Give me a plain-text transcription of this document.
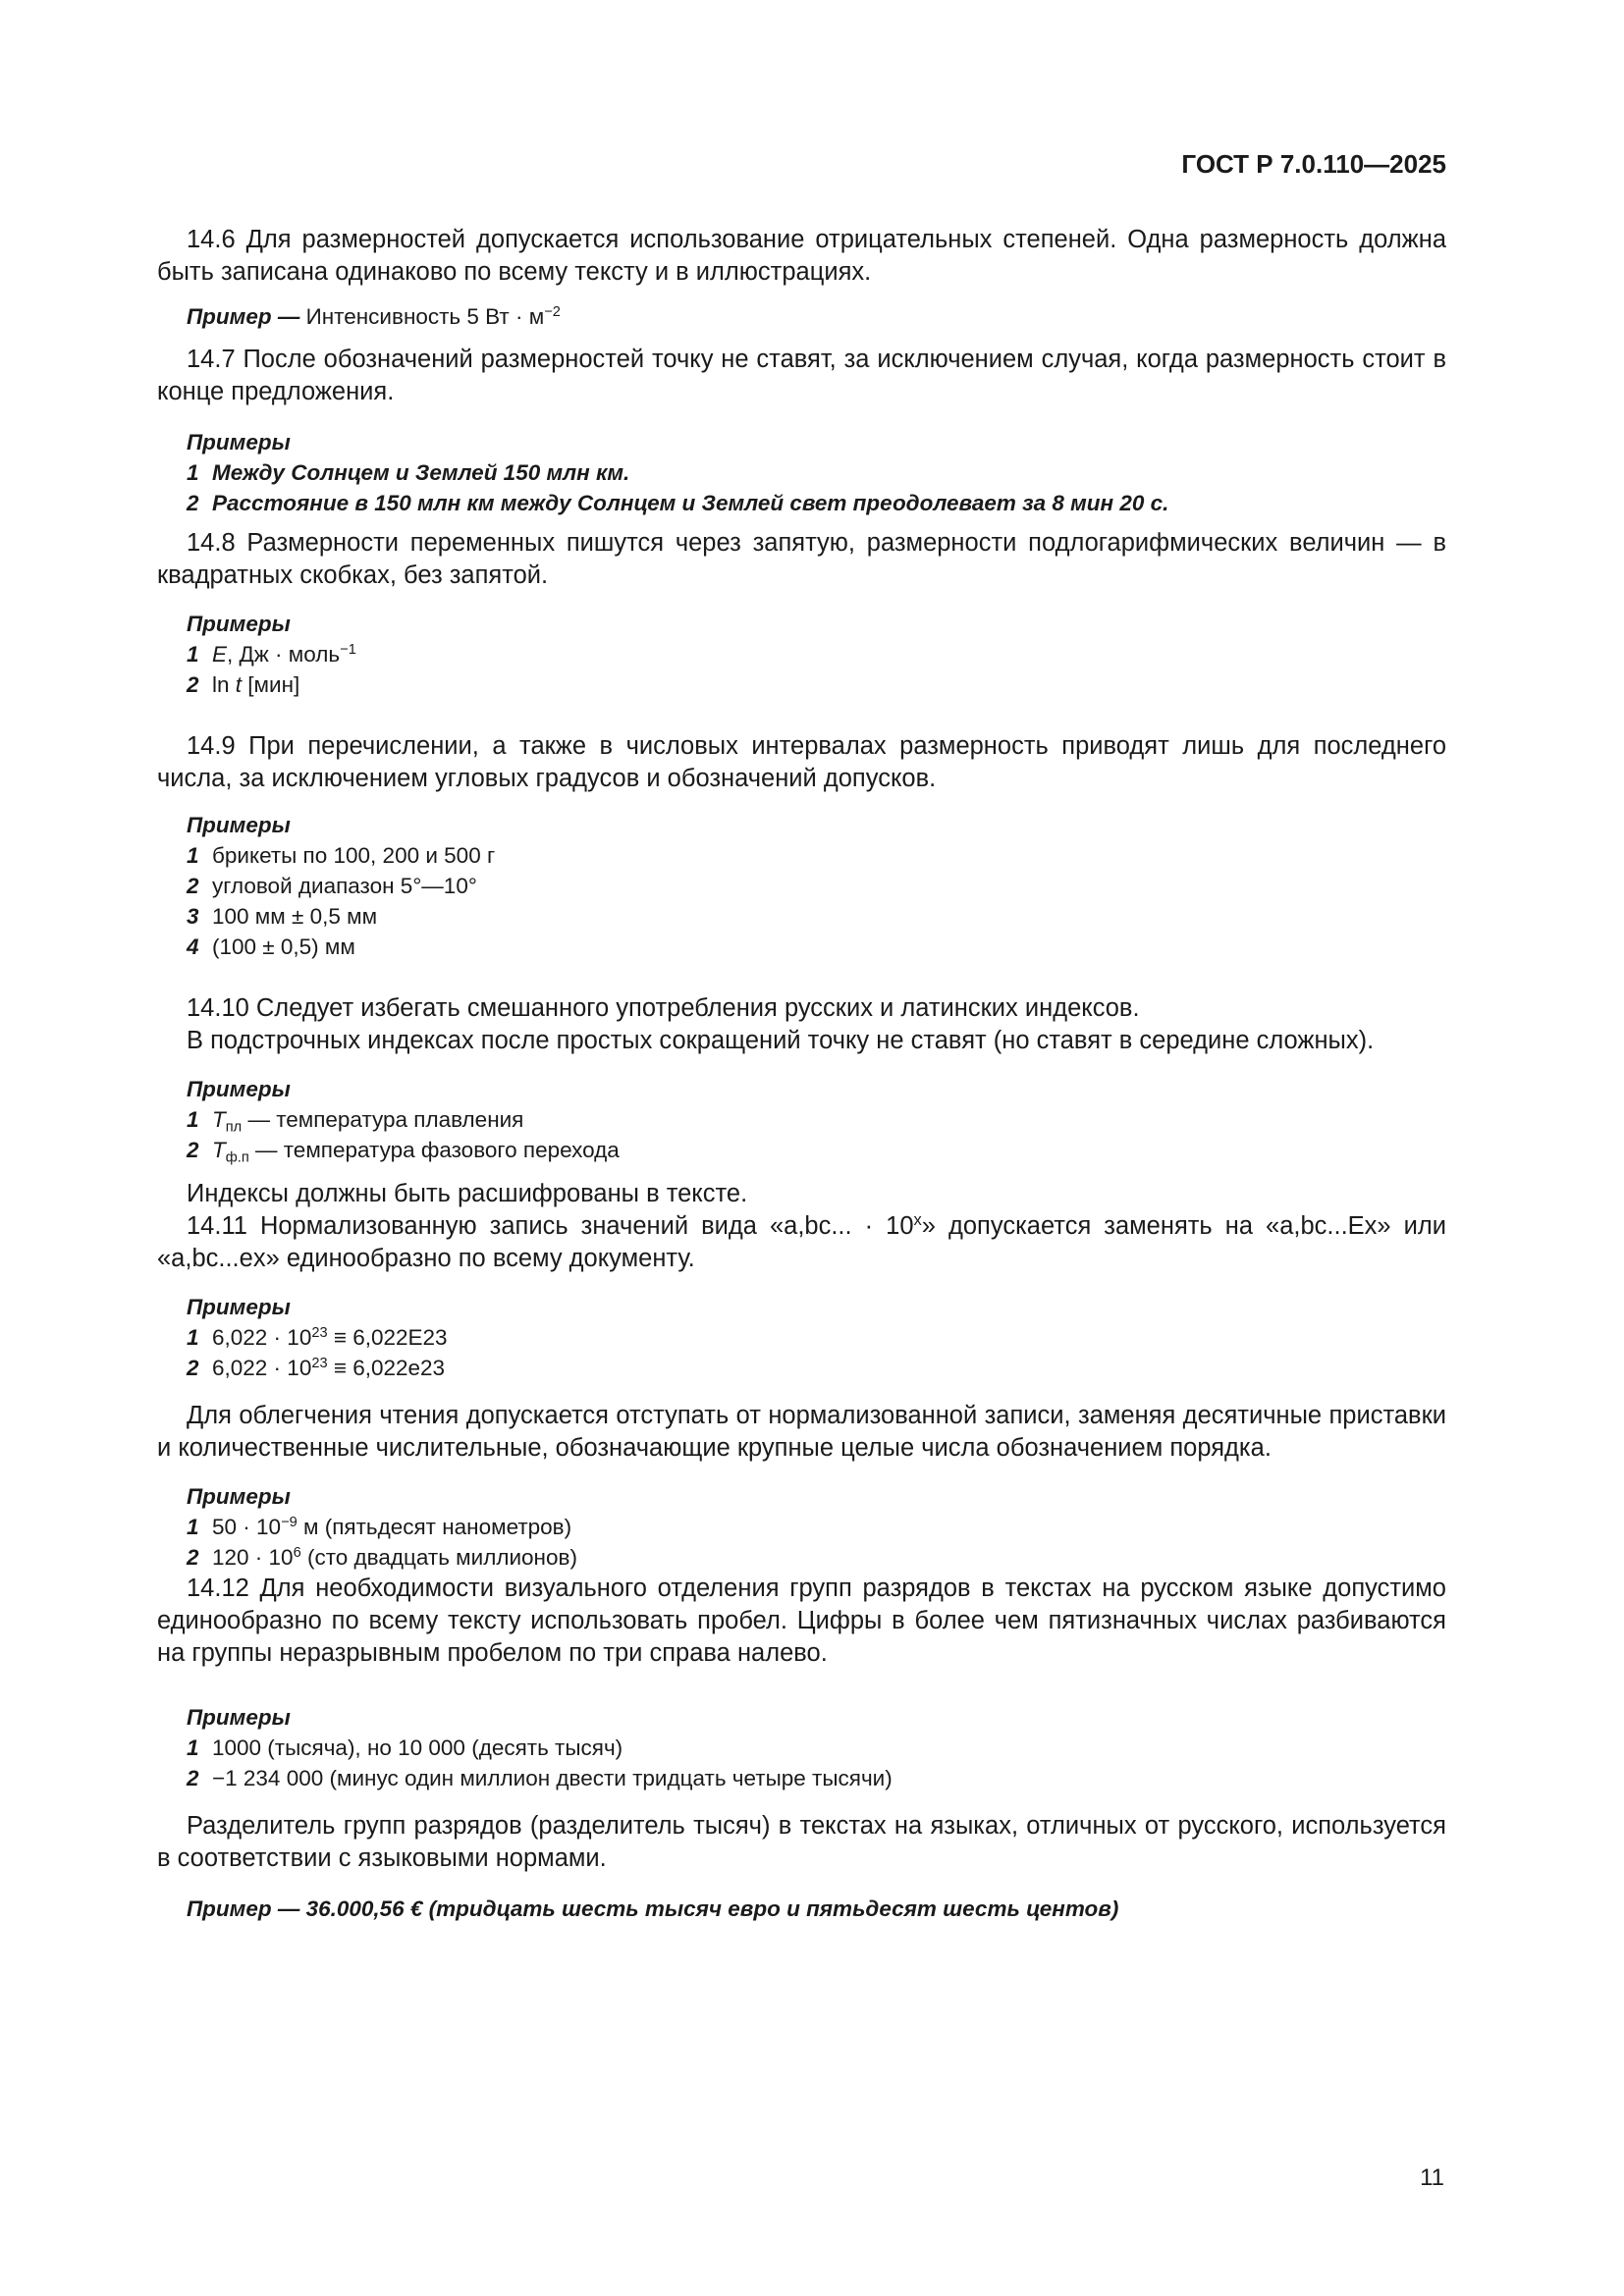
ГОСТ Р 7.0.110—2025

14.6 Для размерностей допускается использование отрицательных степеней. Одна размерность должна быть записана одинаково по всему тексту и в иллюстрациях.

Пример — Интенсивность 5 Вт · $м^{-2}$

14.7 После обозначений размерностей точку не ставят, за исключением случая, когда размерность стоит в конце предложения.

Примеры
1 Между Солнцем и Землей 150 млн км.
2 Расстояние в 150 млн км между Солнцем и Землей свет преодолевает за 8 мин 20 с.

14.8 Размерности переменных пишутся через запятую, размерности подлогарифмических величин — в квадратных скобках, без запятой.

Примеры
1 E, Дж · моль$^{-1}$
2 ln t [мин]

14.9 При перечислении, а также в числовых интервалах размерность приводят лишь для последнего числа, за исключением угловых градусов и обозначений допусков.

Примеры
1 брикеты по 100, 200 и 500 г
2 угловой диапазон 5°—10°
3 100 мм ± 0,5 мм
4 (100 ± 0,5) мм

14.10 Следует избегать смешанного употребления русских и латинских индексов.

В подстрочных индексах после простых сокращений точку не ставят (но ставят в середине сложных).

Примеры
1 $T_{пл}$ — температура плавления
2 $T_{ф.п}$ — температура фазового перехода

Индексы должны быть расшифрованы в тексте.

14.11 Нормализованную запись значений вида «a,bc... · $10^x$» допускается заменять на «a,bc...Ex» или «a,bc...ex» единообразно по всему документу.

Примеры
1 $6,022 \cdot 10^{23} \equiv 6,022E23$
2 $6,022 \cdot 10^{23} \equiv 6,022e23$

Для облегчения чтения допускается отступать от нормализованной записи, заменяя десятичные приставки и количественные числительные, обозначающие крупные целые числа обозначением порядка.

Примеры
1 $50 \cdot 10^{-9}$ м (пятьдесят нанометров)
2 $120 \cdot 10^6$ (сто двадцать миллионов)

14.12 Для необходимости визуального отделения групп разрядов в текстах на русском языке допустимо единообразно по всему тексту использовать пробел. Цифры в более чем пятизначных числах разбиваются на группы неразрывным пробелом по три справа налево.

Примеры
1 1000 (тысяча), но 10 000 (десять тысяч)
2 −1 234 000 (минус один миллион двести тридцать четыре тысячи)

Разделитель групп разрядов (разделитель тысяч) в текстах на языках, отличных от русского, используется в соответствии с языковыми нормами.

Пример — 36.000,56 € (тридцать шесть тысяч евро и пятьдесят шесть центов)
11
